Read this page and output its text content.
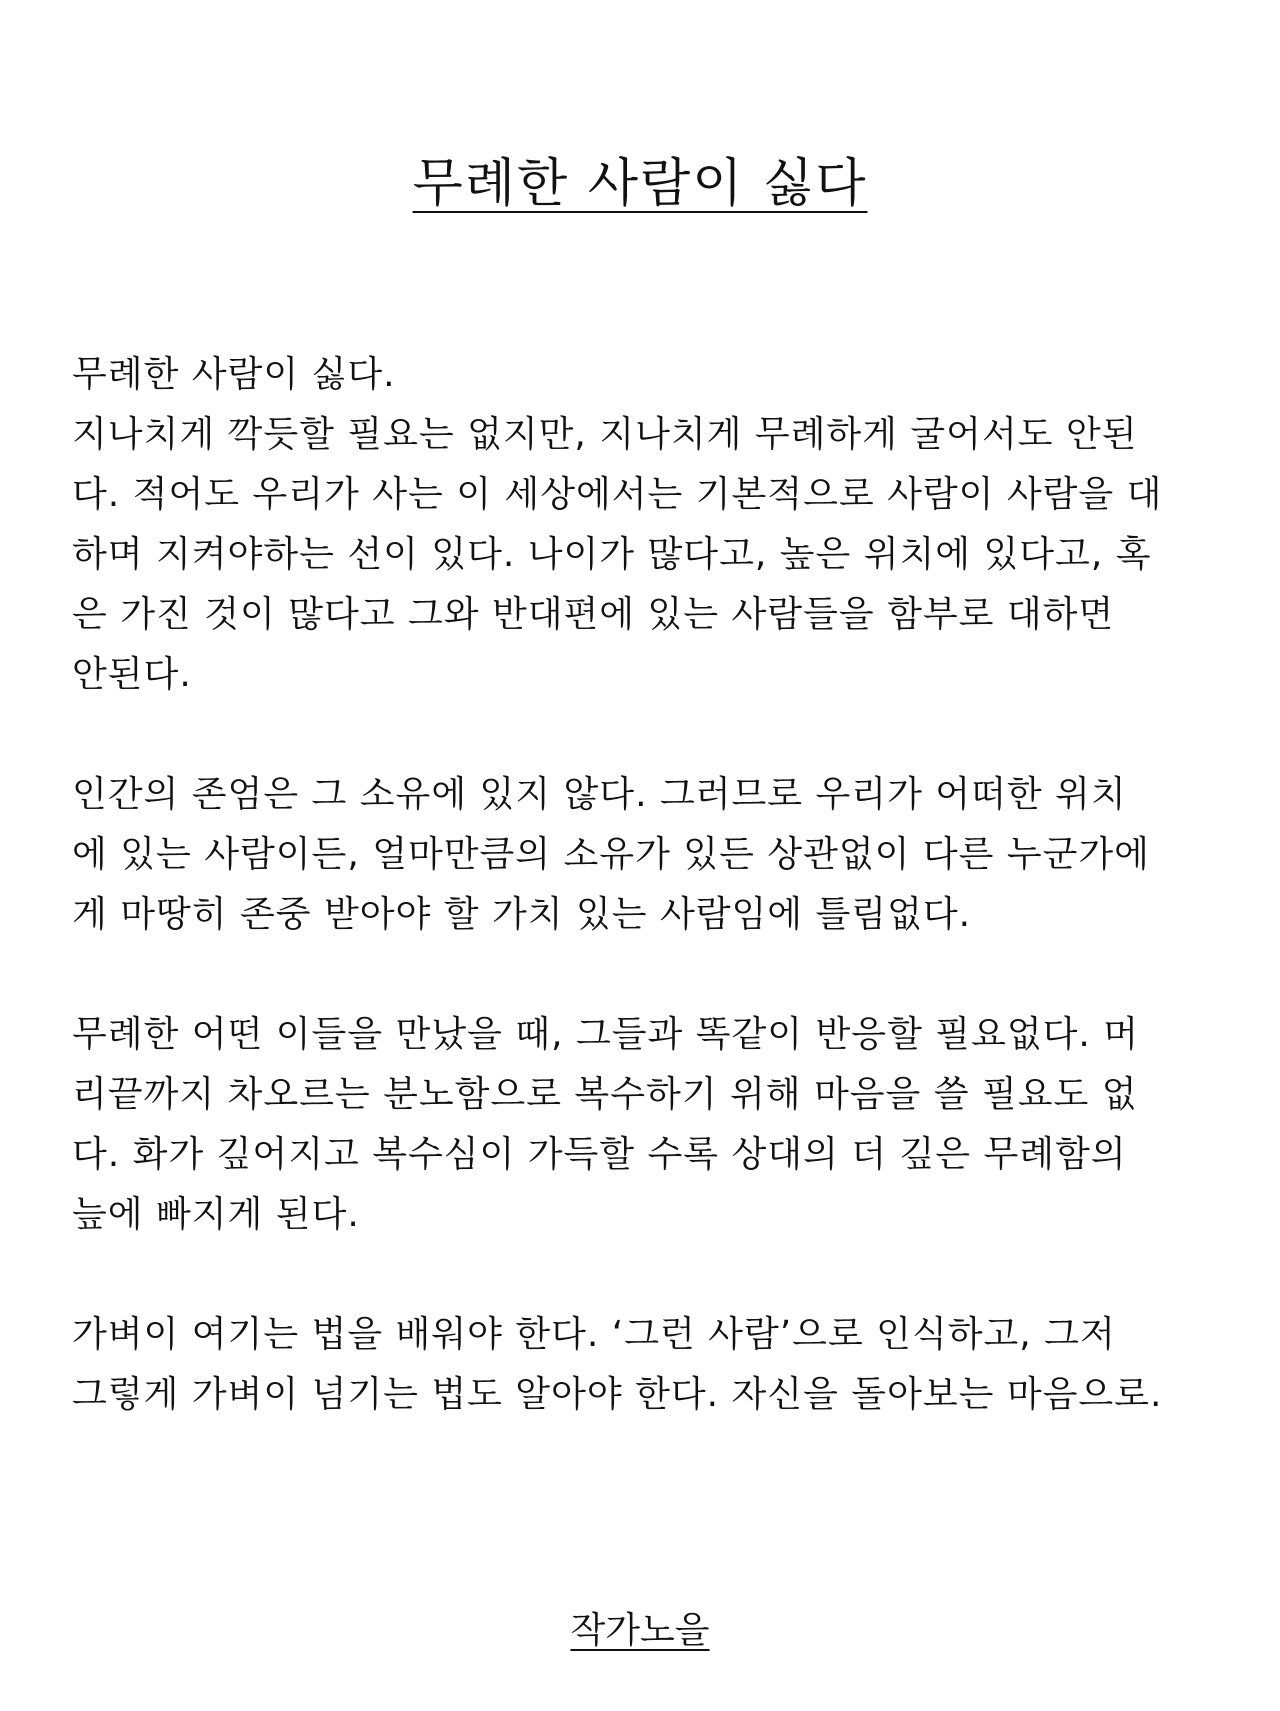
무례한 사람이 싫다

무례한 사람이 싫다.
지나치게 깍듯할 필요는 없지만, 지나치게 무례하게 굴어서도 안된
다. 적어도 우리가 사는 이 세상에서는 기본적으로 사람이 사람을 대
하며 지켜야하는 선이 있다. 나이가 많다고, 높은 위치에 있다고, 혹
은 가진 것이 많다고 그와 반대편에 있는 사람들을 함부로 대하면
안된다.

인간의 존엄은 그 소유에 있지 않다. 그러므로 우리가 어떠한 위치
에 있는 사람이든, 얼마만큼의 소유가 있든 상관없이 다른 누군가에
게 마땅히 존중 받아야 할 가치 있는 사람임에 틀림없다.

무례한 어떤 이들을 만났을 때, 그들과 똑같이 반응할 필요없다. 머
리끝까지 차오르는 분노함으로 복수하기 위해 마음을 쓸 필요도 없
다. 화가 깊어지고 복수심이 가득할 수록 상대의 더 깊은 무례함의
늪에 빠지게 된다.

가벼이 여기는 법을 배워야 한다. ‘그런 사람’으로 인식하고, 그저
그렇게 가벼이 넘기는 법도 알아야 한다. 자신을 돌아보는 마음으로.

작가노을
